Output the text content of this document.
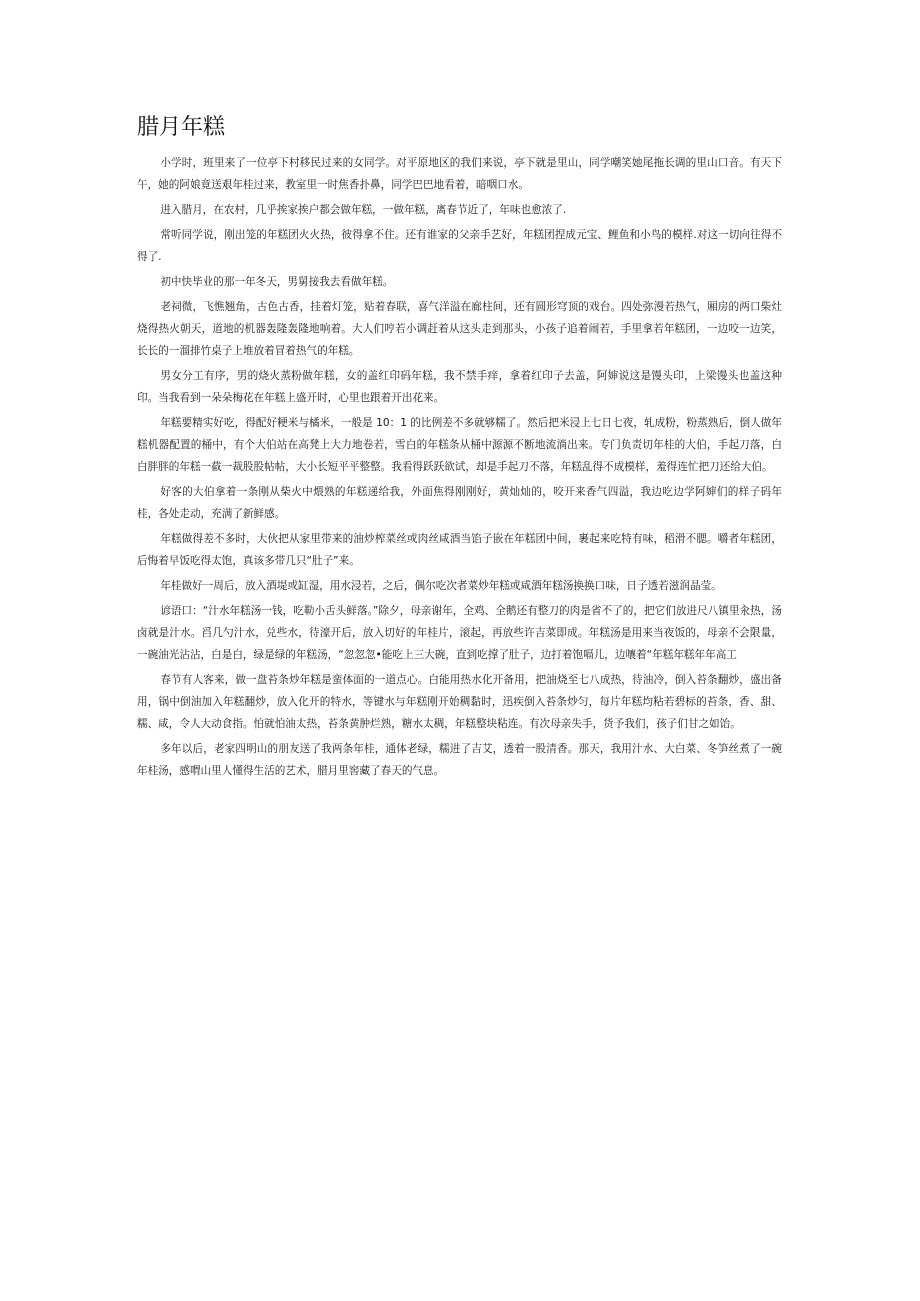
腊月年糕

小学时，班里来了一位亭下村移民过来的女同学。对平原地区的我们来说，亭下就是里山，同学嘲笑她尾拖长调的里山口音。有天下午，她的阿娘竟送艰年桂过来，教室里一时焦香扑鼻，同学巴巴地看着，暗咽口水。

进入腊月，在农村，几乎挨家挨户都会做年糕，一做年糕，离春节近了，年味也愈浓了.

常听同学说，刚出笼的年糕团火火热，彼得拿不住。还有谁家的父亲手艺好，年糕团捏成元宝、鲤鱼和小鸟的模样.对这一切向往得不得了.

初中快毕业的那一年冬天，男舅接我去看做年糕。

老祠微，飞憔翘角，古色古香，挂着灯笼，贴着春联，喜气洋溢在廊柱间，还有圆形穹顶的戏台。四处弥漫若热气，厢房的两口柴灶烧得热火朝天，道地的机器轰隆轰隆地响着。大人们哼若小调赶着从这头走到那头，小孩子追着闹若，手里拿若年糕团，一边咬一边笑，长长的一溜排竹桌子上堆放着冒着热气的年糕。

男女分工有序，男的烧火蒸粉做年糕，女的盖红印码年糕，我不禁手痒，拿着红印子去盖，阿婶说这是馒头印，上梁馒头也盖这种印。当我看到一朵朵梅花在年糕上盛开时，心里也跟着开出花来。

年糕要精实好吃，得配好粳米与橘米，一般是 10：1 的比例差不多就够糯了。然后把米浸上七日七夜，轧成粉，粉蒸熟后，倒人做年糕机器配置的桶中，有个大伯站在高凳上大力地卷若，雪白的年糕条从桶中源源不断地流淌出来。专门负责切年桂的大伯，手起刀落，白白胖胖的年糕一截一裁股股帖帖，大小长短平平整整。我看得跃跃欲试，却是手起刀不落，年糕乱得不成模样，羞得连忙把刀还给大伯。

好客的大伯拿着一条刚从柴火中煨熟的年糕递给我，外面焦得刚刚好，黄灿灿的，咬开来香气四溢，我边吃边学阿婶们的样子码年桂，各处走动，充满了新鲜感。

年糕做得差不多时，大伙把从家里带来的油炒榨菜丝或肉丝咸酒当馅子嵌在年糕团中间，裹起来吃特有味，稻滑不腮。嚼者年糕团，后悔着早饭吃得太饱，真该多带几只“肚子”来。

年桂做好一周后，放入酒堤或缸湿，用水浸若，之后，偶尔吃次者菜炒年糕或咸酒年糕汤换换口味，日子透若滋润晶莹。

谚语口：“汁水年糕汤一钱，吃勒小舌头鲜落。”除夕，母亲谢年，全鸡、全鹅还有整刀的肉是省不了的，把它们放进尺八镇里汆热，汤卤就是汁水。舀几勺汁水，兑些水，待濠开后，放入切好的年桂片，滚起，再放些许吉菜即成。年糕汤是用来当夜饭的，母亲不会限量，一碗油光沾沾，白是白，绿是绿的年糕汤，“忽忽忽•能吃上三大碗，直到吃撑了肚子，边打着饱嗝儿，边嚷着“年糕年糕年年高工

春节有人客来，做一盘苔条炒年糕是蛮体面的一道点心。白能用热水化开备用，把油烧至七八成热，待油冷，倒入苔条翻炒，盛出备用，锅中倒油加入年糕翻炒，放入化开的特水，等键水与年糕刚开始稠黏时，迅疾倒入苔条炒匀，每片年糕均粘若碧标的苔条，香、甜、糯、咸，令人大动食指。怕就怕油太热，苔条黄肿烂熟，糖水太稠，年糕整块粘连。有次母亲失手，货予我们，孩子们甘之如饴。

多年以后，老家四明山的朋友送了我两条年桂，通体老绿，糯进了吉艾，透着一股清香。那天，我用汁水、大白菜、冬笋丝煮了一碗年桂汤，感喟山里人懂得生活的艺术，腊月里窖藏了春天的气息。
